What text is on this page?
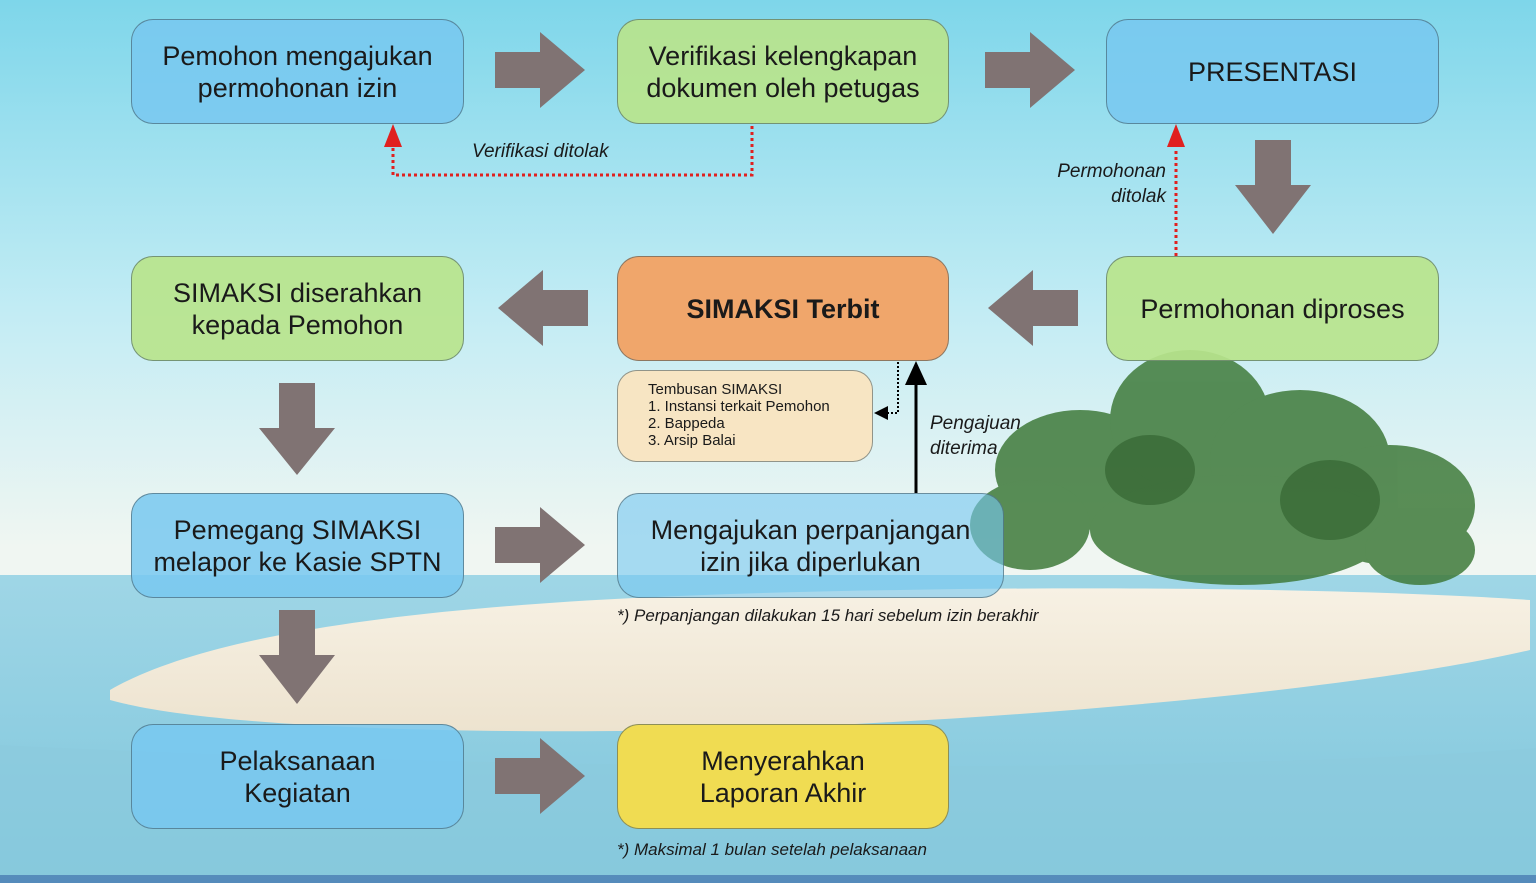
Pemohon mengajukan
permohonan izin
Verifikasi kelengkapan
dokumen oleh petugas
PRESENTASI
Permohonan diproses
SIMAKSI Terbit
SIMAKSI diserahkan
kepada Pemohon
Pemegang SIMAKSI
melapor ke Kasie SPTN
Mengajukan perpanjangan
izin jika diperlukan
Pelaksanaan
Kegiatan
Menyerahkan
Laporan Akhir
Tembusan SIMAKSI
1. Instansi terkait Pemohon
2. Bappeda
3. Arsip Balai
Verifikasi ditolak
Permohonan
ditolak
Pengajuan
diterima
*) Perpanjangan dilakukan 15 hari sebelum izin berakhir
*) Maksimal 1 bulan setelah pelaksanaan
